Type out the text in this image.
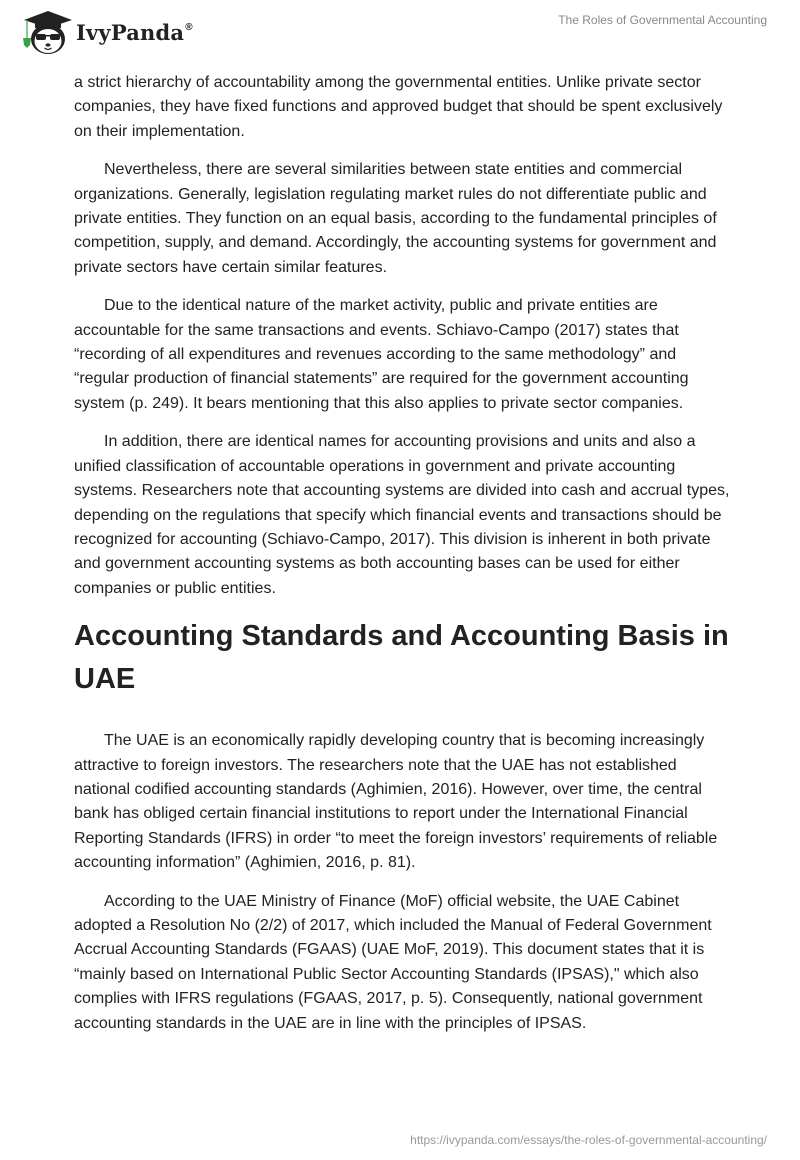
IvyPanda®	The Roles of Governmental Accounting

a strict hierarchy of accountability among the governmental entities. Unlike private sector companies, they have fixed functions and approved budget that should be spent exclusively on their implementation.

Nevertheless, there are several similarities between state entities and commercial organizations. Generally, legislation regulating market rules do not differentiate public and private entities. They function on an equal basis, according to the fundamental principles of competition, supply, and demand. Accordingly, the accounting systems for government and private sectors have certain similar features.

Due to the identical nature of the market activity, public and private entities are accountable for the same transactions and events. Schiavo-Campo (2017) states that “recording of all expenditures and revenues according to the same methodology” and “regular production of financial statements” are required for the government accounting system (p. 249). It bears mentioning that this also applies to private sector companies.

In addition, there are identical names for accounting provisions and units and also a unified classification of accountable operations in government and private accounting systems. Researchers note that accounting systems are divided into cash and accrual types, depending on the regulations that specify which financial events and transactions should be recognized for accounting (Schiavo-Campo, 2017). This division is inherent in both private and government accounting systems as both accounting bases can be used for either companies or public entities.

Accounting Standards and Accounting Basis in UAE

The UAE is an economically rapidly developing country that is becoming increasingly attractive to foreign investors. The researchers note that the UAE has not established national codified accounting standards (Aghimien, 2016). However, over time, the central bank has obliged certain financial institutions to report under the International Financial Reporting Standards (IFRS) in order “to meet the foreign investors’ requirements of reliable accounting information” (Aghimien, 2016, p. 81).

According to the UAE Ministry of Finance (MoF) official website, the UAE Cabinet adopted a Resolution No (2/2) of 2017, which included the Manual of Federal Government Accrual Accounting Standards (FGAAS) (UAE MoF, 2019). This document states that it is “mainly based on International Public Sector Accounting Standards (IPSAS)," which also complies with IFRS regulations (FGAAS, 2017, p. 5). Consequently, national government accounting standards in the UAE are in line with the principles of IPSAS.

https://ivypanda.com/essays/the-roles-of-governmental-accounting/
